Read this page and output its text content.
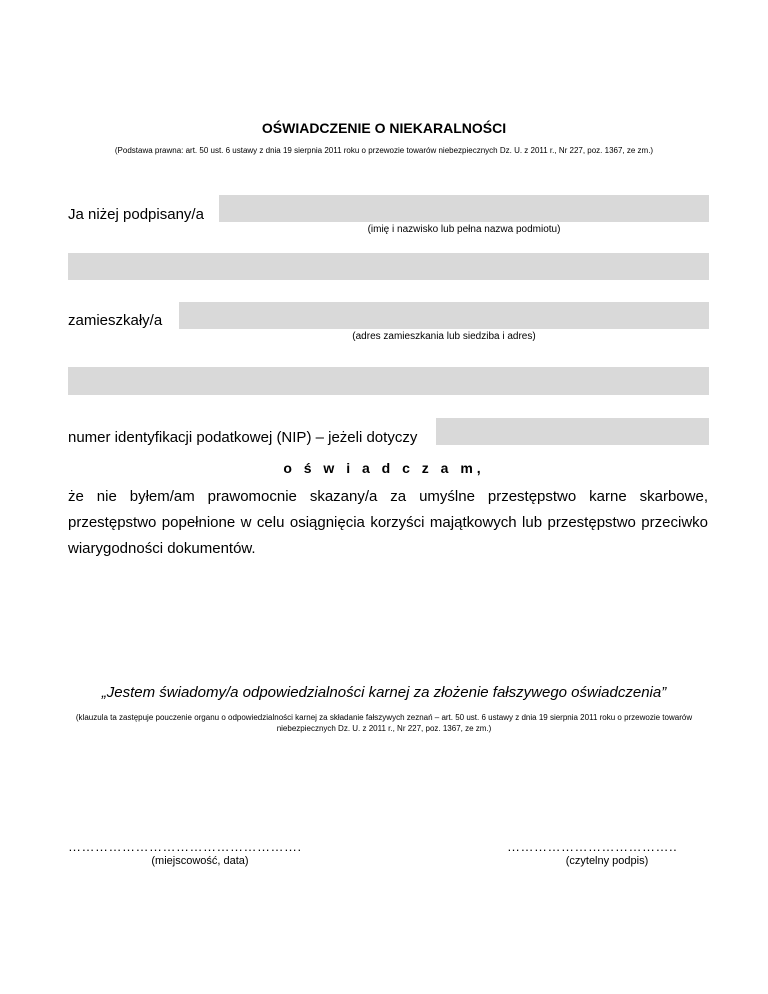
OŚWIADCZENIE O NIEKARALNOŚCI
(Podstawa prawna: art. 50 ust. 6 ustawy z dnia 19 sierpnia 2011 roku o przewozie towarów niebezpiecznych Dz. U. z 2011 r., Nr 227, poz. 1367, ze zm.)
Ja niżej podpisany/a
(imię i nazwisko lub pełna nazwa podmiotu)
zamieszkały/a
(adres zamieszkania lub siedziba i adres)
numer identyfikacji podatkowej (NIP) – jeżeli dotyczy
o ś w i a d c z a m,
że nie byłem/am prawomocnie skazany/a za umyślne przestępstwo karne skarbowe, przestępstwo popełnione w celu osiągnięcia korzyści majątkowych lub przestępstwo przeciwko wiarygodności dokumentów.
„Jestem świadomy/a odpowiedzialności karnej za złożenie fałszywego oświadczenia”
(klauzula ta zastępuje pouczenie organu o odpowiedzialności karnej za składanie fałszywych zeznań – art. 50 ust. 6 ustawy z dnia 19 sierpnia 2011 roku o przewozie towarów niebezpiecznych Dz. U. z 2011 r., Nr 227, poz. 1367, ze zm.)
…………………………………………….
(miejscowość, data)
………………………………..
(czytelny podpis)
